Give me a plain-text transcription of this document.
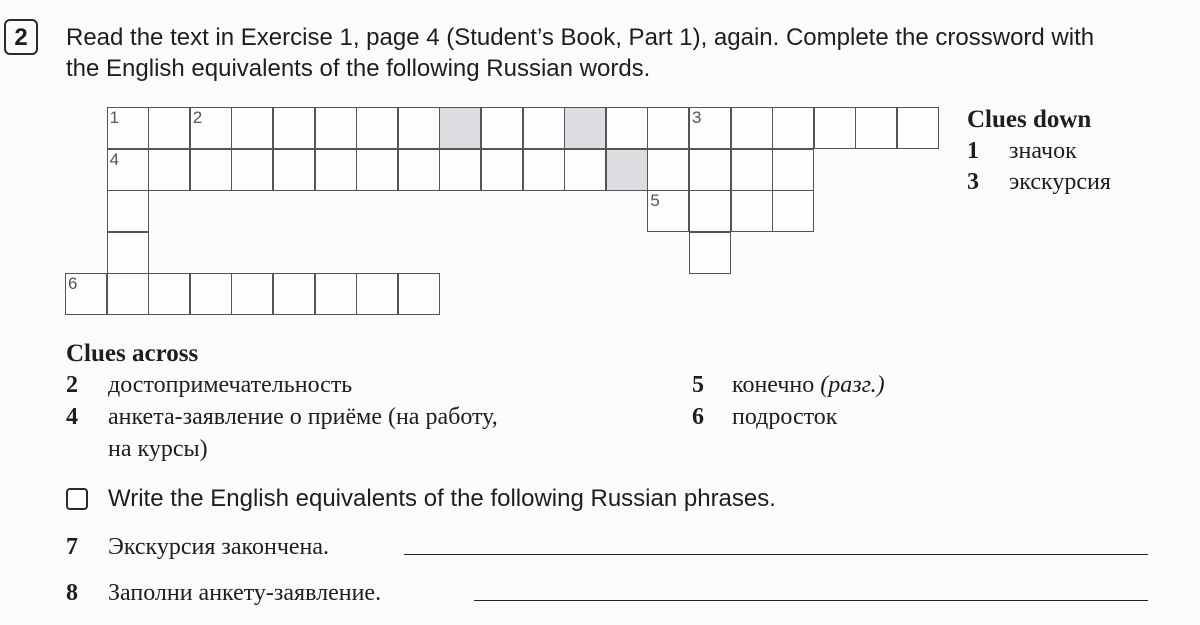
2	Read the text in Exercise 1, page 4 (Student’s Book, Part 1), again. Complete the crossword with
the English equivalents of the following Russian words.
1	2	3
4
5
6
Clues down
1 значок
3 экскурсия
Clues across
2 достопримечательность
4 анкета-заявление о приёме (на работу,
на курсы)
5 конечно (разг.)
6 подросток
Write the English equivalents of the following Russian phrases.
7 Экскурсия закончена.
8 Заполни анкету-заявление.
